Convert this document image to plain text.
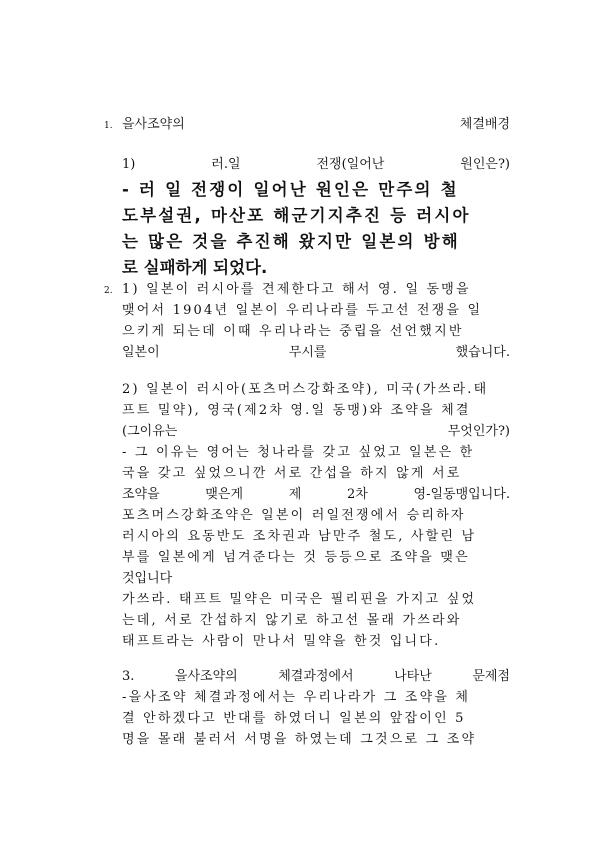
1. 을사조약의	체결배경
1)	러.일	전쟁(일어난	원인은?)
- 러 일 전쟁이 일어난 원인은 만주의 철
도부설권, 마산포 해군기지추진 등 러시아
는 많은 것을 추진해 왔지만 일본의 방해
로 실패하게 되었다.
2. 1) 일본이 러시아를 견제한다고 해서 영. 일 동맹을
맺어서 1904년 일본이 우리나라를 두고선 전쟁을 일
으키게 되는데 이때 우리나라는 중립을 선언했지반
일본이	무시를	했습니다.
2) 일본이 러시아(포츠머스강화조약), 미국(가쓰라.태
프트 밀약), 영국(제2차 영.일 동맹)와 조약을 체결
(그이유는	무엇인가?)
- 그 이유는 영어는 청나라를 갖고 싶었고 일본은 한
국을 갖고 싶었으니깐 서로 간섭을 하지 않게 서로
조약을	맺은게	제	2차	영-일동맹입니다.
포츠머스강화조약은 일본이 러일전쟁에서 승리하자
러시아의 요동반도 조차권과 남만주 철도, 사할린 남
부를 일본에게 넘겨준다는 것 등등으로 조약을 맺은
것입니다
가쓰라. 태프트 밀약은 미국은 필리핀을 가지고 싶었
는데, 서로 간섭하지 않기로 하고선 몰래 가쓰라와
태프트라는 사람이 만나서 밀약을 한것 입니다.
3.	을사조약의	체결과정에서	나타난	문제점
-을사조약 체결과정에서는 우리나라가 그 조약을 체
결 안하겠다고 반대를 하였더니 일본의 앞잡이인 5
명을 몰래 불러서 서명을 하였는데 그것으로 그 조약
